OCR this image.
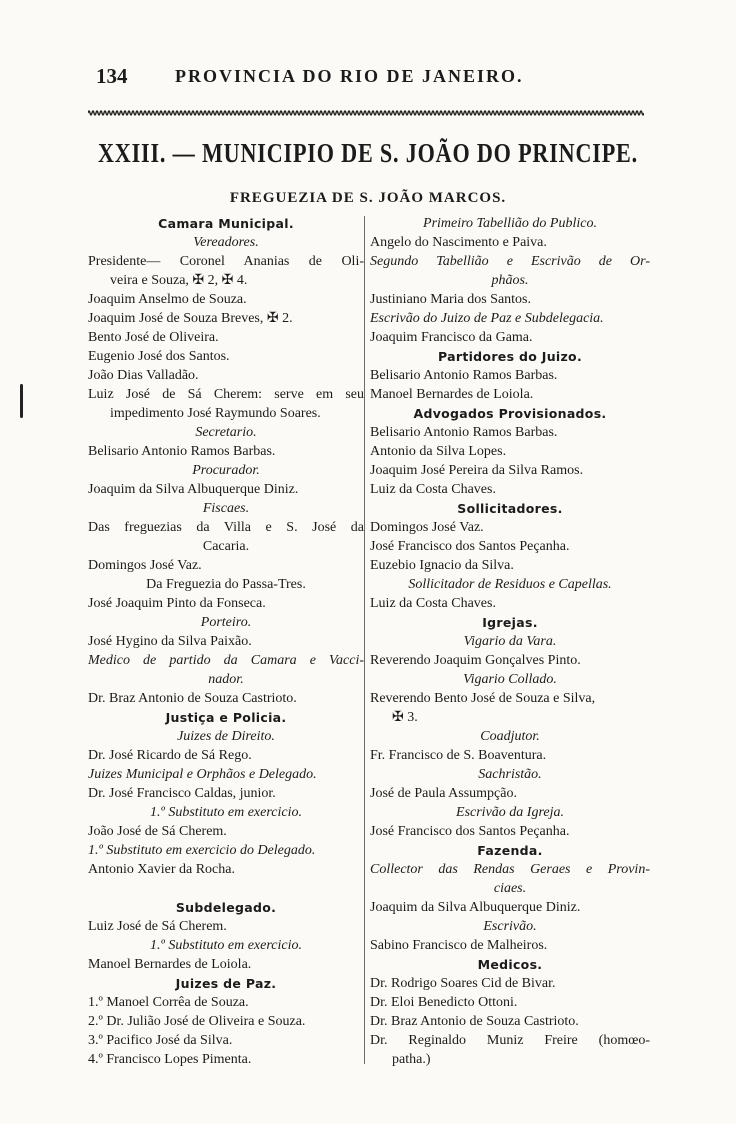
134	PROVINCIA DO RIO DE JANEIRO.
XXIII. — MUNICIPIO DE S. JOÃO DO PRINCIPE.
FREGUEZIA DE S. JOÃO MARCOS.
Camara Municipal.
Vereadores.
Presidente— Coronel Ananias de Oli-
veira e Souza, ✠ 2, ✠ 4.
Joaquim Anselmo de Souza.
Joaquim José de Souza Breves, ✠ 2.
Bento José de Oliveira.
Eugenio José dos Santos.
João Dias Valladão.
Luiz José de Sá Cherem: serve em seu
impedimento José Raymundo Soares.
Secretario.
Belisario Antonio Ramos Barbas.
Procurador.
Joaquim da Silva Albuquerque Diniz.
Fiscaes.
Das freguezias da Villa e S. José da
Cacaria.
Domingos José Vaz.
Da Freguezia do Passa-Tres.
José Joaquim Pinto da Fonseca.
Porteiro.
José Hygino da Silva Paixão.
Medico de partido da Camara e Vacci-
nador.
Dr. Braz Antonio de Souza Castrioto.
Justiça e Policia.
Juizes de Direito.
Dr. José Ricardo de Sá Rego.
Juizes Municipal e Orphãos e Delegado.
Dr. José Francisco Caldas, junior.
1.º Substituto em exercicio.
João José de Sá Cherem.
1.º Substituto em exercicio do Delegado.
Antonio Xavier da Rocha.
Subdelegado.
Luiz José de Sá Cherem.
1.º Substituto em exercicio.
Manoel Bernardes de Loiola.
Juizes de Paz.
1.º Manoel Corrêa de Souza.
2.º Dr. Julião José de Oliveira e Souza.
3.º Pacifico José da Silva.
4.º Francisco Lopes Pimenta.
Primeiro Tabellião do Publico.
Angelo do Nascimento e Paiva.
Segundo Tabellião e Escrivão de Or-
phãos.
Justiniano Maria dos Santos.
Escrivão do Juizo de Paz e Subdelegacia.
Joaquim Francisco da Gama.
Partidores do Juizo.
Belisario Antonio Ramos Barbas.
Manoel Bernardes de Loiola.
Advogados Provisionados.
Belisario Antonio Ramos Barbas.
Antonio da Silva Lopes.
Joaquim José Pereira da Silva Ramos.
Luiz da Costa Chaves.
Sollicitadores.
Domingos José Vaz.
José Francisco dos Santos Peçanha.
Euzebio Ignacio da Silva.
Sollicitador de Residuos e Capellas.
Luiz da Costa Chaves.
Igrejas.
Vigario da Vara.
Reverendo Joaquim Gonçalves Pinto.
Vigario Collado.
Reverendo Bento José de Souza e Silva,
✠ 3.
Coadjutor.
Fr. Francisco de S. Boaventura.
Sachristão.
José de Paula Assumpção.
Escrivão da Igreja.
José Francisco dos Santos Peçanha.
Fazenda.
Collector das Rendas Geraes e Provin-
ciaes.
Joaquim da Silva Albuquerque Diniz.
Escrivão.
Sabino Francisco de Malheiros.
Medicos.
Dr. Rodrigo Soares Cid de Bivar.
Dr. Eloi Benedicto Ottoni.
Dr. Braz Antonio de Souza Castrioto.
Dr. Reginaldo Muniz Freire (homœo-
patha.)
